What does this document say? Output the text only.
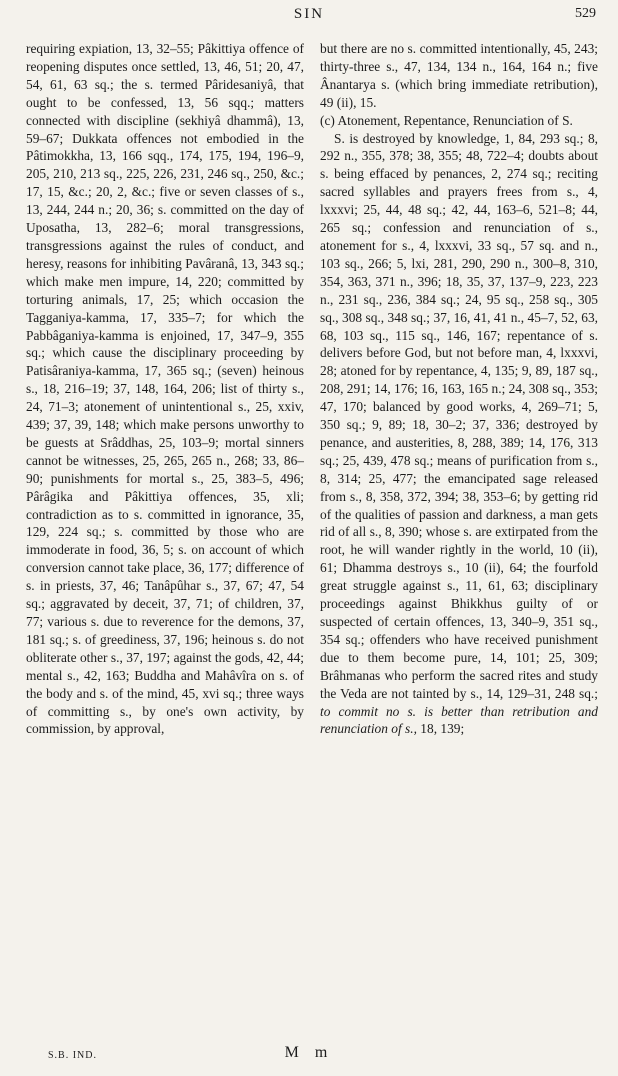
SIN	529

requiring expiation, 13, 32–55; Pâkittiya offence of reopening disputes once settled, 13, 46, 51; 20, 47, 54, 61, 63 sq.; the s. termed Pâridesaniyâ, that ought to be confessed, 13, 56 sqq.; matters connected with discipline (sekhiyâ dhammâ), 13, 59–67; Dukkata offences not embodied in the Pâtimokkha, 13, 166 sqq., 174, 175, 194, 196–9, 205, 210, 213 sq., 225, 226, 231, 246 sq., 250, &c.; 17, 15, &c.; 20, 2, &c.; five or seven classes of s., 13, 244, 244 n.; 20, 36; s. committed on the day of Uposatha, 13, 282–6; moral transgressions, transgressions against the rules of conduct, and heresy, reasons for inhibiting Pavâranâ, 13, 343 sq.; which make men impure, 14, 220; committed by torturing animals, 17, 25; which occasion the Tagganiya-kamma, 17, 335–7; for which the Pabbâganiya-kamma is enjoined, 17, 347–9, 355 sq.; which cause the disciplinary proceeding by Patisâraniya-kamma, 17, 365 sq.; (seven) heinous s., 18, 216–19; 37, 148, 164, 206; list of thirty s., 24, 71–3; atonement of unintentional s., 25, xxiv, 439; 37, 39, 148; which make persons unworthy to be guests at Srâddhas, 25, 103–9; mortal sinners cannot be witnesses, 25, 265, 265 n., 268; 33, 86–90; punishments for mortal s., 25, 383–5, 496; Pârâgika and Pâkittiya offences, 35, xli; contradiction as to s. committed in ignorance, 35, 129, 224 sq.; s. committed by those who are immoderate in food, 36, 5; s. on account of which conversion cannot take place, 36, 177; difference of s. in priests, 37, 46; Tanâpûhar s., 37, 67; 47, 54 sq.; aggravated by deceit, 37, 71; of children, 37, 77; various s. due to reverence for the demons, 37, 181 sq.; s. of greediness, 37, 196; heinous s. do not obliterate other s., 37, 197; against the gods, 42, 44; mental s., 42, 163; Buddha and Mahâvîra on s. of the body and s. of the mind, 45, xvi sq.; three ways of committing s., by one's own activity, by commission, by approval,

but there are no s. committed intentionally, 45, 243; thirty-three s., 47, 134, 134 n., 164, 164 n.; five Ânantarya s. (which bring immediate retribution), 49 (ii), 15.

(c) Atonement, Repentance, Renunciation of S.

S. is destroyed by knowledge, 1, 84, 293 sq.; 8, 292 n., 355, 378; 38, 355; 48, 722–4; doubts about s. being effaced by penances, 2, 274 sq.; reciting sacred syllables and prayers frees from s., 4, lxxxvi; 25, 44, 48 sq.; 42, 44, 163–6, 521–8; 44, 265 sq.; confession and renunciation of s., atonement for s., 4, lxxxvi, 33 sq., 57 sq. and n., 103 sq., 266; 5, lxi, 281, 290, 290 n., 300–8, 310, 354, 363, 371 n., 396; 18, 35, 37, 137–9, 223, 223 n., 231 sq., 236, 384 sq.; 24, 95 sq., 258 sq., 305 sq., 308 sq., 348 sq.; 37, 16, 41, 41 n., 45–7, 52, 63, 68, 103 sq., 115 sq., 146, 167; repentance of s. delivers before God, but not before man, 4, lxxxvi, 28; atoned for by repentance, 4, 135; 9, 89, 187 sq., 208, 291; 14, 176; 16, 163, 165 n.; 24, 308 sq., 353; 47, 170; balanced by good works, 4, 269–71; 5, 350 sq.; 9, 89; 18, 30–2; 37, 336; destroyed by penance, and austerities, 8, 288, 389; 14, 176, 313 sq.; 25, 439, 478 sq.; means of purification from s., 8, 314; 25, 477; the emancipated sage released from s., 8, 358, 372, 394; 38, 353–6; by getting rid of the qualities of passion and darkness, a man gets rid of all s., 8, 390; whose s. are extirpated from the root, he will wander rightly in the world, 10 (ii), 61; Dhamma destroys s., 10 (ii), 64; the fourfold great struggle against s., 11, 61, 63; disciplinary proceedings against Bhikkhus guilty of or suspected of certain offences, 13, 340–9, 351 sq., 354 sq.; offenders who have received punishment due to them become pure, 14, 101; 25, 309; Brâhmanas who perform the sacred rites and study the Veda are not tainted by s., 14, 129–31, 248 sq.; to commit no s. is better than retribution and renunciation of s., 18, 139;

S.B. IND.	M m
